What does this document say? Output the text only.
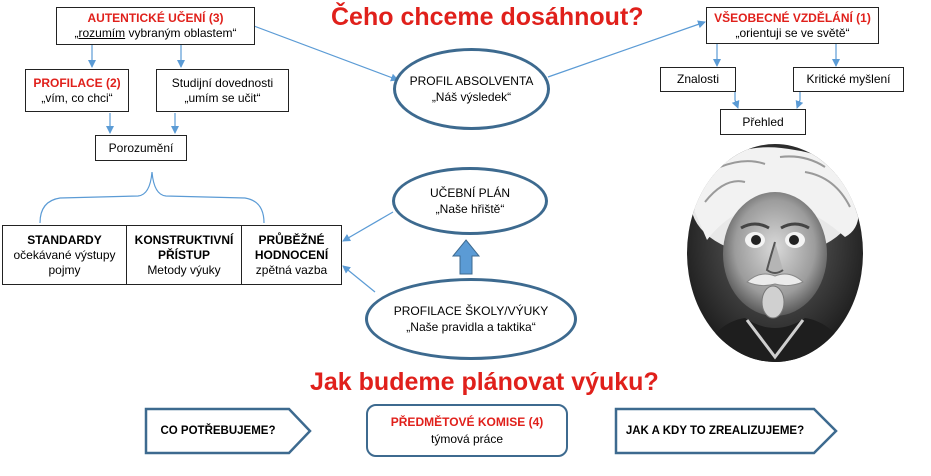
Čeho chceme dosáhnout?
Jak budeme plánovat výuku?
AUTENTICKÉ UČENÍ (3)
„rozumím vybraným oblastem“
PROFILACE (2)
„vím, co chci“
Studijní dovednosti
„umím se učit“
Porozumění
STANDARDY
očekávané výstupy
pojmy
KONSTRUKTIVNÍ
PŘÍSTUP
Metody výuky
PRŮBĚŽNÉ
HODNOCENÍ
zpětná vazba
PROFIL ABSOLVENTA
„Náš výsledek“
UČEBNÍ PLÁN
„Naše hřiště“
PROFILACE ŠKOLY/VÝUKY
„Naše pravidla a taktika“
VŠEOBECNÉ VZDĚLÁNÍ (1)
„orientuji se ve světě“
Znalosti	Kritické myšlení
Přehled
CO POTŘEBUJEME?
PŘEDMĚTOVÉ KOMISE (4)
týmová práce
JAK A KDY TO ZREALIZUJEME?
